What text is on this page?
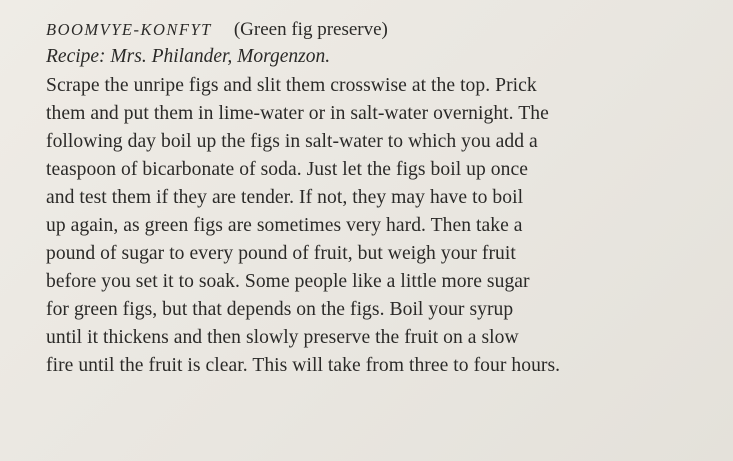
BOOMVYE-KONFYT (Green fig preserve)
Recipe: Mrs. Philander, Morgenzon.
Scrape the unripe figs and slit them crosswise at the top. Prick
them and put them in lime-water or in salt-water overnight. The
following day boil up the figs in salt-water to which you add a
teaspoon of bicarbonate of soda. Just let the figs boil up once
and test them if they are tender. If not, they may have to boil
up again, as green figs are sometimes very hard. Then take a
pound of sugar to every pound of fruit, but weigh your fruit
before you set it to soak. Some people like a little more sugar
for green figs, but that depends on the figs. Boil your syrup
until it thickens and then slowly preserve the fruit on a slow
fire until the fruit is clear. This will take from three to four hours.
